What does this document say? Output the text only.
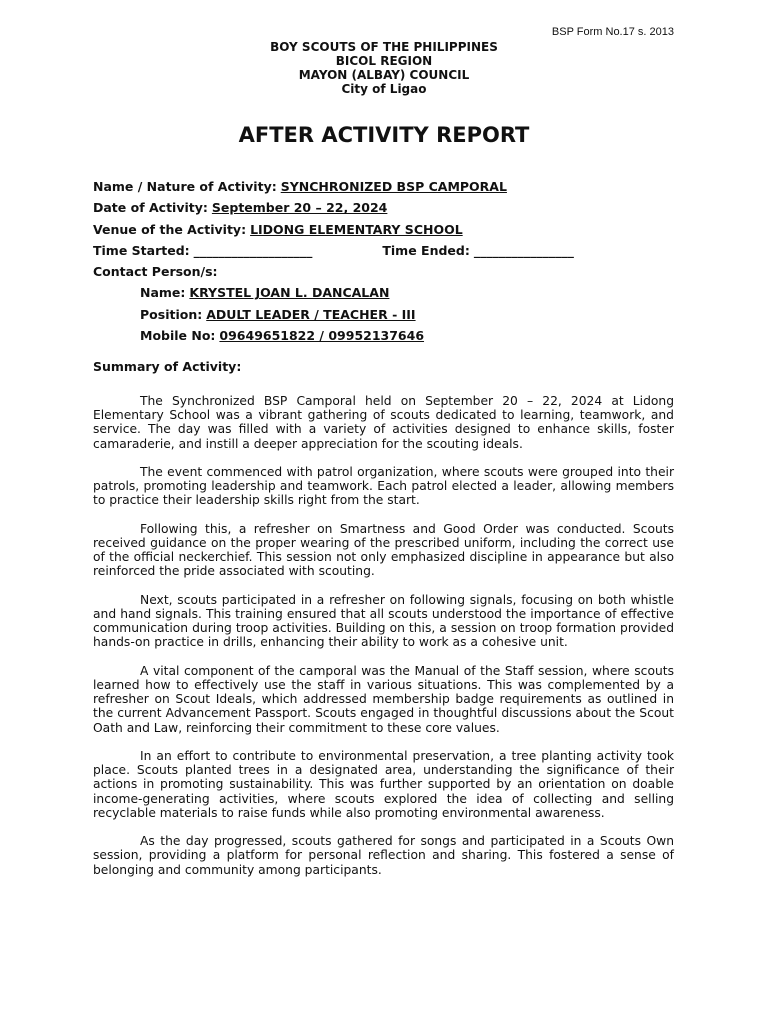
BSP Form No.17 s. 2013
BOY SCOUTS OF THE PHILIPPINES
BICOL REGION
MAYON (ALBAY) COUNCIL
City of Ligao
AFTER ACTIVITY REPORT
Name / Nature of Activity: SYNCHRONIZED BSP CAMPORAL
Date of Activity: September 20 – 22, 2024
Venue of the Activity: LIDONG ELEMENTARY SCHOOL
Time Started: ___________________	Time Ended: ________________
Contact Person/s:
Name: KRYSTEL JOAN L. DANCALAN
Position: ADULT LEADER / TEACHER - III
Mobile No: 09649651822 / 09952137646
Summary of Activity:

The Synchronized BSP Camporal held on September 20 – 22, 2024 at Lidong Elementary School was a vibrant gathering of scouts dedicated to learning, teamwork, and service. The day was filled with a variety of activities designed to enhance skills, foster camaraderie, and instill a deeper appreciation for the scouting ideals.

The event commenced with patrol organization, where scouts were grouped into their patrols, promoting leadership and teamwork. Each patrol elected a leader, allowing members to practice their leadership skills right from the start.

Following this, a refresher on Smartness and Good Order was conducted. Scouts received guidance on the proper wearing of the prescribed uniform, including the correct use of the official neckerchief. This session not only emphasized discipline in appearance but also reinforced the pride associated with scouting.

Next, scouts participated in a refresher on following signals, focusing on both whistle and hand signals. This training ensured that all scouts understood the importance of effective communication during troop activities. Building on this, a session on troop formation provided hands-on practice in drills, enhancing their ability to work as a cohesive unit.

A vital component of the camporal was the Manual of the Staff session, where scouts learned how to effectively use the staff in various situations. This was complemented by a refresher on Scout Ideals, which addressed membership badge requirements as outlined in the current Advancement Passport. Scouts engaged in thoughtful discussions about the Scout Oath and Law, reinforcing their commitment to these core values.

In an effort to contribute to environmental preservation, a tree planting activity took place. Scouts planted trees in a designated area, understanding the significance of their actions in promoting sustainability. This was further supported by an orientation on doable income-generating activities, where scouts explored the idea of collecting and selling recyclable materials to raise funds while also promoting environmental awareness.

As the day progressed, scouts gathered for songs and participated in a Scouts Own session, providing a platform for personal reflection and sharing. This fostered a sense of belonging and community among participants.
